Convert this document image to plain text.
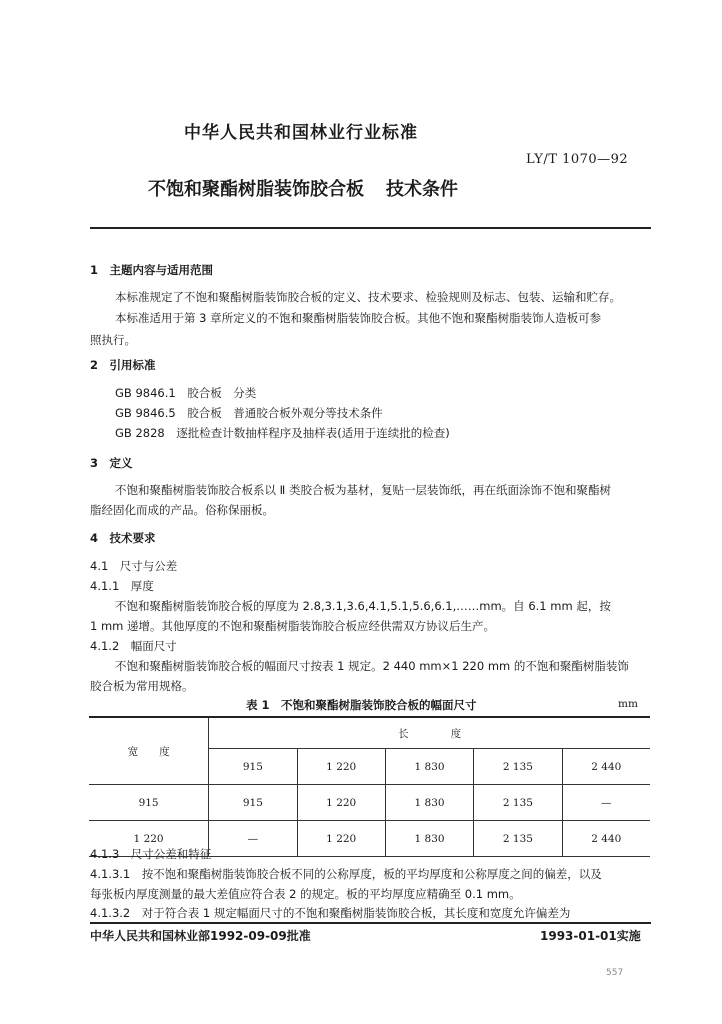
中华人民共和国林业行业标准
LY/T 1070—92
不饱和聚酯树脂装饰胶合板 技术条件
1　主题内容与适用范围
本标准规定了不饱和聚酯树脂装饰胶合板的定义、技术要求、检验规则及标志、包装、运输和贮存。
本标准适用于第 3 章所定义的不饱和聚酯树脂装饰胶合板。其他不饱和聚酯树脂装饰人造板可参
照执行。
2　引用标准
GB 9846.1　胶合板　分类
GB 9846.5　胶合板　普通胶合板外观分等技术条件
GB 2828　逐批检查计数抽样程序及抽样表(适用于连续批的检查)
3　定义
不饱和聚酯树脂装饰胶合板系以 Ⅱ 类胶合板为基材，复贴一层装饰纸，再在纸面涂饰不饱和聚酯树
脂经固化而成的产品。俗称保丽板。
4　技术要求
4.1　尺寸与公差
4.1.1　厚度
不饱和聚酯树脂装饰胶合板的厚度为 2.8,3.1,3.6,4.1,5.1,5.6,6.1,……mm。自 6.1 mm 起，按
1 mm 递增。其他厚度的不饱和聚酯树脂装饰胶合板应经供需双方协议后生产。
4.1.2　幅面尺寸
不饱和聚酯树脂装饰胶合板的幅面尺寸按表 1 规定。2 440 mm×1 220 mm 的不饱和聚酯树脂装饰
胶合板为常用规格。
表 1　不饱和聚酯树脂装饰胶合板的幅面尺寸	mm
宽　　度	长　　　　度				
	915	1 220	1 830	2 135	2 440
915	915	1 220	1 830	2 135	—
1 220	—	1 220	1 830	2 135	2 440
4.1.3　尺寸公差和特征
4.1.3.1　按不饱和聚酯树脂装饰胶合板不同的公称厚度，板的平均厚度和公称厚度之间的偏差，以及
每张板内厚度测量的最大差值应符合表 2 的规定。板的平均厚度应精确至 0.1 mm。
4.1.3.2　对于符合表 1 规定幅面尺寸的不饱和聚酯树脂装饰胶合板，其长度和宽度允许偏差为
中华人民共和国林业部1992-09-09批准	1993-01-01实施
557
